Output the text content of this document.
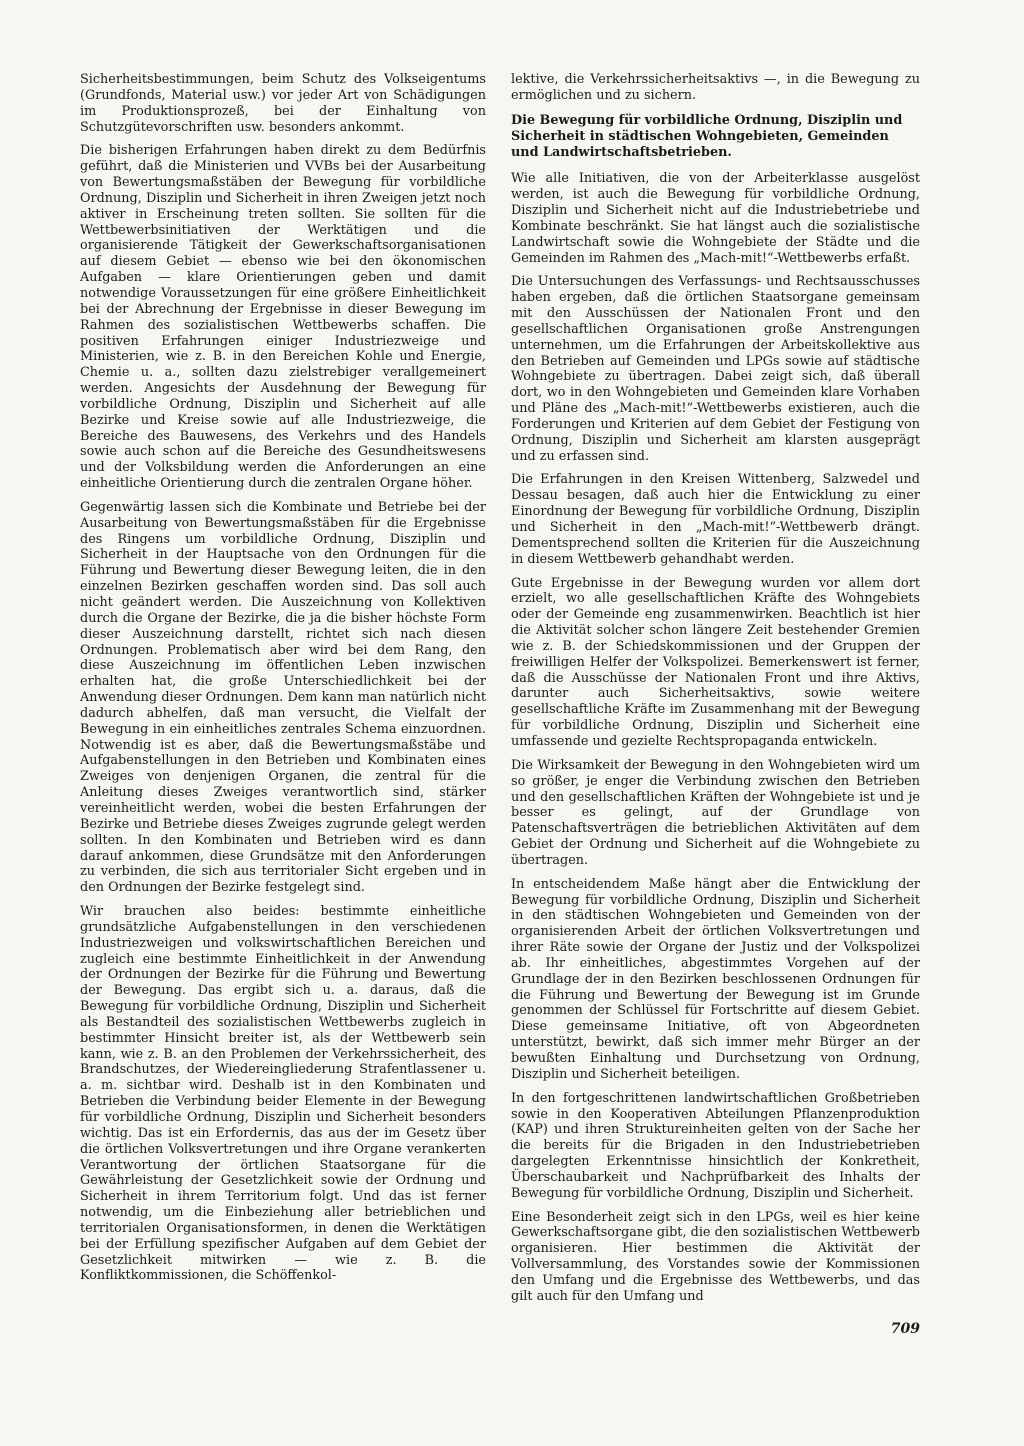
Sicherheitsbestimmungen, beim Schutz des Volkseigentums (Grundfonds, Material usw.) vor jeder Art von Schädigungen im Produktionsprozeß, bei der Einhaltung von Schutzgütevorschriften usw. besonders ankommt.

Die bisherigen Erfahrungen haben direkt zu dem Bedürfnis geführt, daß die Ministerien und VVBs bei der Ausarbeitung von Bewertungsmaßstäben der Bewegung für vorbildliche Ordnung, Disziplin und Sicherheit in ihren Zweigen jetzt noch aktiver in Erscheinung treten sollten. Sie sollten für die Wettbewerbsinitiativen der Werktätigen und die organisierende Tätigkeit der Gewerkschaftsorganisationen auf diesem Gebiet — ebenso wie bei den ökonomischen Aufgaben — klare Orientierungen geben und damit notwendige Voraussetzungen für eine größere Einheitlichkeit bei der Abrechnung der Ergebnisse in dieser Bewegung im Rahmen des sozialistischen Wettbewerbs schaffen. Die positiven Erfahrungen einiger Industriezweige und Ministerien, wie z. B. in den Bereichen Kohle und Energie, Chemie u. a., sollten dazu zielstrebiger verallgemeinert werden. Angesichts der Ausdehnung der Bewegung für vorbildliche Ordnung, Disziplin und Sicherheit auf alle Bezirke und Kreise sowie auf alle Industriezweige, die Bereiche des Bauwesens, des Verkehrs und des Handels sowie auch schon auf die Bereiche des Gesundheitswesens und der Volksbildung werden die Anforderungen an eine einheitliche Orientierung durch die zentralen Organe höher.

Gegenwärtig lassen sich die Kombinate und Betriebe bei der Ausarbeitung von Bewertungsmaßstäben für die Ergebnisse des Ringens um vorbildliche Ordnung, Disziplin und Sicherheit in der Hauptsache von den Ordnungen für die Führung und Bewertung dieser Bewegung leiten, die in den einzelnen Bezirken geschaffen worden sind. Das soll auch nicht geändert werden. Die Auszeichnung von Kollektiven durch die Organe der Bezirke, die ja die bisher höchste Form dieser Auszeichnung darstellt, richtet sich nach diesen Ordnungen. Problematisch aber wird bei dem Rang, den diese Auszeichnung im öffentlichen Leben inzwischen erhalten hat, die große Unterschiedlichkeit bei der Anwendung dieser Ordnungen. Dem kann man natürlich nicht dadurch abhelfen, daß man versucht, die Vielfalt der Bewegung in ein einheitliches zentrales Schema einzuordnen. Notwendig ist es aber, daß die Bewertungsmaßstäbe und Aufgabenstellungen in den Betrieben und Kombinaten eines Zweiges von denjenigen Organen, die zentral für die Anleitung dieses Zweiges verantwortlich sind, stärker vereinheitlicht werden, wobei die besten Erfahrungen der Bezirke und Betriebe dieses Zweiges zugrunde gelegt werden sollten. In den Kombinaten und Betrieben wird es dann darauf ankommen, diese Grundsätze mit den Anforderungen zu verbinden, die sich aus territorialer Sicht ergeben und in den Ordnungen der Bezirke festgelegt sind.

Wir brauchen also beides: bestimmte einheitliche grundsätzliche Aufgabenstellungen in den verschiedenen Industriezweigen und volkswirtschaftlichen Bereichen und zugleich eine bestimmte Einheitlichkeit in der Anwendung der Ordnungen der Bezirke für die Führung und Bewertung der Bewegung. Das ergibt sich u. a. daraus, daß die Bewegung für vorbildliche Ordnung, Disziplin und Sicherheit als Bestandteil des sozialistischen Wettbewerbs zugleich in bestimmter Hinsicht breiter ist, als der Wettbewerb sein kann, wie z. B. an den Problemen der Verkehrssicherheit, des Brandschutzes, der Wiedereingliederung Strafentlassener u. a. m. sichtbar wird. Deshalb ist in den Kombinaten und Betrieben die Verbindung beider Elemente in der Bewegung für vorbildliche Ordnung, Disziplin und Sicherheit besonders wichtig. Das ist ein Erfordernis, das aus der im Gesetz über die örtlichen Volksvertretungen und ihre Organe verankerten Verantwortung der örtlichen Staatsorgane für die Gewährleistung der Gesetzlichkeit sowie der Ordnung und Sicherheit in ihrem Territorium folgt. Und das ist ferner notwendig, um die Einbeziehung aller betrieblichen und territorialen Organisationsformen, in denen die Werktätigen bei der Erfüllung spezifischer Aufgaben auf dem Gebiet der Gesetzlichkeit mitwirken — wie z. B. die Konfliktkommissionen, die Schöffenkol-

lektive, die Verkehrssicherheitsaktivs —, in die Bewegung zu ermöglichen und zu sichern.

Die Bewegung für vorbildliche Ordnung, Disziplin und Sicherheit in städtischen Wohngebieten, Gemeinden und Landwirtschaftsbetrieben.

Wie alle Initiativen, die von der Arbeiterklasse ausgelöst werden, ist auch die Bewegung für vorbildliche Ordnung, Disziplin und Sicherheit nicht auf die Industriebetriebe und Kombinate beschränkt. Sie hat längst auch die sozialistische Landwirtschaft sowie die Wohngebiete der Städte und die Gemeinden im Rahmen des „Mach-mit!“-Wettbewerbs erfaßt.

Die Untersuchungen des Verfassungs- und Rechtsausschusses haben ergeben, daß die örtlichen Staatsorgane gemeinsam mit den Ausschüssen der Nationalen Front und den gesellschaftlichen Organisationen große Anstrengungen unternehmen, um die Erfahrungen der Arbeitskollektive aus den Betrieben auf Gemeinden und LPGs sowie auf städtische Wohngebiete zu übertragen. Dabei zeigt sich, daß überall dort, wo in den Wohngebieten und Gemeinden klare Vorhaben und Pläne des „Mach-mit!“-Wettbewerbs existieren, auch die Forderungen und Kriterien auf dem Gebiet der Festigung von Ordnung, Disziplin und Sicherheit am klarsten ausgeprägt und zu erfassen sind.

Die Erfahrungen in den Kreisen Wittenberg, Salzwedel und Dessau besagen, daß auch hier die Entwicklung zu einer Einordnung der Bewegung für vorbildliche Ordnung, Disziplin und Sicherheit in den „Mach-mit!“-Wettbewerb drängt. Dementsprechend sollten die Kriterien für die Auszeichnung in diesem Wettbewerb gehandhabt werden.

Gute Ergebnisse in der Bewegung wurden vor allem dort erzielt, wo alle gesellschaftlichen Kräfte des Wohngebiets oder der Gemeinde eng zusammenwirken. Beachtlich ist hier die Aktivität solcher schon längere Zeit bestehender Gremien wie z. B. der Schiedskommissionen und der Gruppen der freiwilligen Helfer der Volkspolizei. Bemerkenswert ist ferner, daß die Ausschüsse der Nationalen Front und ihre Aktivs, darunter auch Sicherheitsaktivs, sowie weitere gesellschaftliche Kräfte im Zusammenhang mit der Bewegung für vorbildliche Ordnung, Disziplin und Sicherheit eine umfassende und gezielte Rechtspropaganda entwickeln.

Die Wirksamkeit der Bewegung in den Wohngebieten wird um so größer, je enger die Verbindung zwischen den Betrieben und den gesellschaftlichen Kräften der Wohngebiete ist und je besser es gelingt, auf der Grundlage von Patenschaftsverträgen die betrieblichen Aktivitäten auf dem Gebiet der Ordnung und Sicherheit auf die Wohngebiete zu übertragen.

In entscheidendem Maße hängt aber die Entwicklung der Bewegung für vorbildliche Ordnung, Disziplin und Sicherheit in den städtischen Wohngebieten und Gemeinden von der organisierenden Arbeit der örtlichen Volksvertretungen und ihrer Räte sowie der Organe der Justiz und der Volkspolizei ab. Ihr einheitliches, abgestimmtes Vorgehen auf der Grundlage der in den Bezirken beschlossenen Ordnungen für die Führung und Bewertung der Bewegung ist im Grunde genommen der Schlüssel für Fortschritte auf diesem Gebiet. Diese gemeinsame Initiative, oft von Abgeordneten unterstützt, bewirkt, daß sich immer mehr Bürger an der bewußten Einhaltung und Durchsetzung von Ordnung, Disziplin und Sicherheit beteiligen.

In den fortgeschrittenen landwirtschaftlichen Großbetrieben sowie in den Kooperativen Abteilungen Pflanzenproduktion (KAP) und ihren Struktureinheiten gelten von der Sache her die bereits für die Brigaden in den Industriebetrieben dargelegten Erkenntnisse hinsichtlich der Konkretheit, Überschaubarkeit und Nachprüfbarkeit des Inhalts der Bewegung für vorbildliche Ordnung, Disziplin und Sicherheit.

Eine Besonderheit zeigt sich in den LPGs, weil es hier keine Gewerkschaftsorgane gibt, die den sozialistischen Wettbewerb organisieren. Hier bestimmen die Aktivität der Vollversammlung, des Vorstandes sowie der Kommissionen den Umfang und die Ergebnisse des Wettbewerbs, und das gilt auch für den Umfang und

709
